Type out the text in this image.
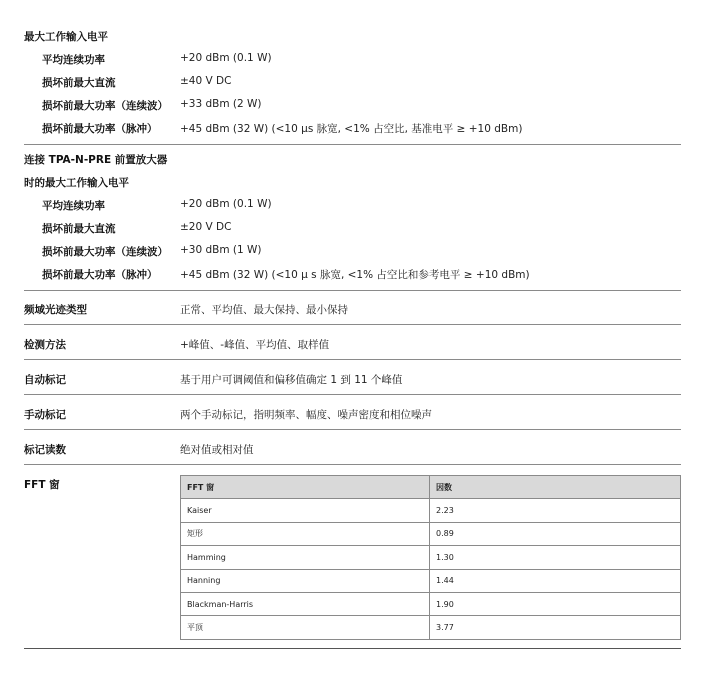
最大工作输入电平
平均连续功率	+20 dBm (0.1 W)
损坏前最大直流	±40 V DC
损坏前最大功率（连续波） +33 dBm (2 W)
损坏前最大功率（脉冲） +45 dBm (32 W) (<10 μs 脉宽, <1% 占空比, 基准电平 ≥ +10 dBm)
连接 TPA-N-PRE 前置放大器
时的最大工作输入电平
平均连续功率	+20 dBm (0.1 W)
损坏前最大直流	±20 V DC
损坏前最大功率（连续波） +30 dBm (1 W)
损坏前最大功率（脉冲） +45 dBm (32 W) (<10 μ s 脉宽, <1% 占空比和参考电平 ≥ +10 dBm)
频域光迹类型	正常、平均值、最大保持、最小保持
检测方法	+峰值、-峰值、平均值、取样值
自动标记	基于用户可调阈值和偏移值确定 1 到 11 个峰值
手动标记	两个手动标记，指明频率、幅度、噪声密度和相位噪声
标记读数	绝对值或相对值
FFT 窗	FFT 窗	因数
Kaiser	2.23
矩形	0.89
Hamming	1.30
Hanning	1.44
Blackman-Harris	1.90
平顶	3.77
